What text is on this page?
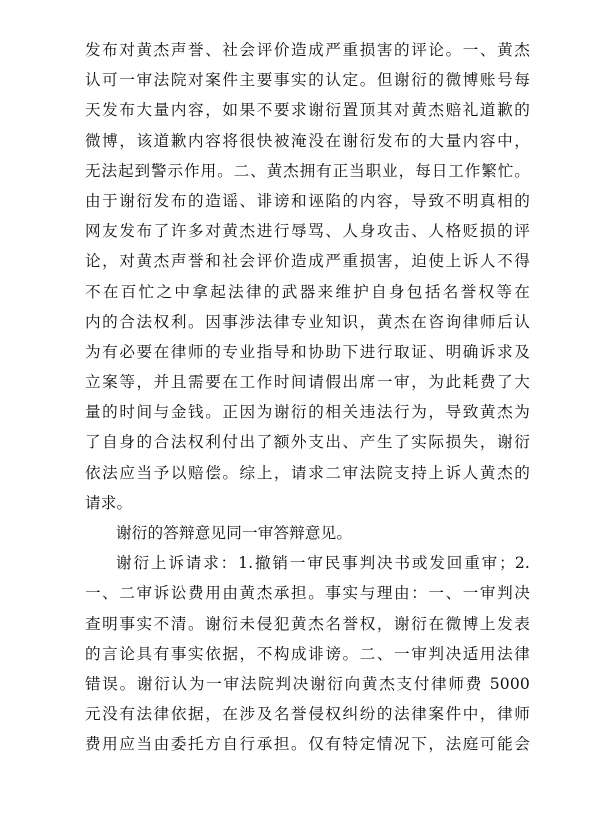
发布对黄杰声誉、社会评价造成严重损害的评论。一、黄杰
认可一审法院对案件主要事实的认定。但谢衍的微博账号每
天发布大量内容，如果不要求谢衍置顶其对黄杰赔礼道歉的
微博，该道歉内容将很快被淹没在谢衍发布的大量内容中，
无法起到警示作用。二、黄杰拥有正当职业，每日工作繁忙。
由于谢衍发布的造谣、诽谤和诬陷的内容，导致不明真相的
网友发布了许多对黄杰进行辱骂、人身攻击、人格贬损的评
论，对黄杰声誉和社会评价造成严重损害，迫使上诉人不得
不在百忙之中拿起法律的武器来维护自身包括名誉权等在
内的合法权利。因事涉法律专业知识，黄杰在咨询律师后认
为有必要在律师的专业指导和协助下进行取证、明确诉求及
立案等，并且需要在工作时间请假出席一审，为此耗费了大
量的时间与金钱。正因为谢衍的相关违法行为，导致黄杰为
了自身的合法权利付出了额外支出、产生了实际损失，谢衍
依法应当予以赔偿。综上，请求二审法院支持上诉人黄杰的
请求。
谢衍的答辩意见同一审答辩意见。
谢衍上诉请求：1.撤销一审民事判决书或发回重审；2.
一、二审诉讼费用由黄杰承担。事实与理由：一、一审判决
查明事实不清。谢衍未侵犯黄杰名誉权，谢衍在微博上发表
的言论具有事实依据，不构成诽谤。二、一审判决适用法律
错误。谢衍认为一审法院判决谢衍向黄杰支付律师费 5000
元没有法律依据，在涉及名誉侵权纠纷的法律案件中，律师
费用应当由委托方自行承担。仅有特定情况下，法庭可能会
